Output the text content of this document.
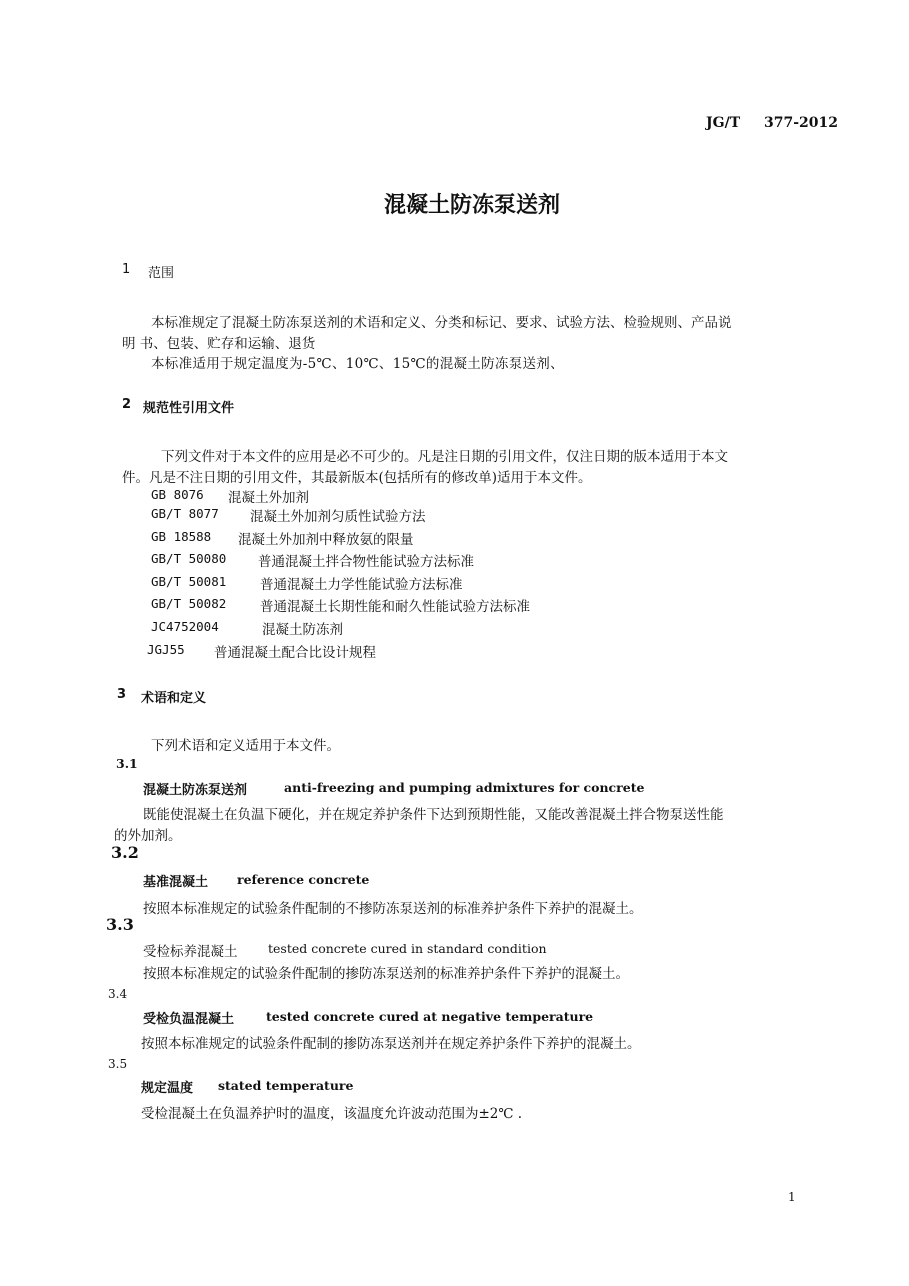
JG/T 377-2012
混凝土防冻泵送剂
1 范围
本标准规定了混凝土防冻泵送剂的术语和定义、分类和标记、要求、试验方法、检验规则、产品说
明 书、包装、贮存和运输、退货
本标准适用于规定温度为-5℃、10℃、15℃的混凝土防冻泵送剂、
2 规范性引用文件
下列文件对于本文件的应用是必不可少的。凡是注日期的引用文件，仅注日期的版本适用于本文
件。凡是不注日期的引用文件，其最新版本(包括所有的修改单)适用于本文件。
GB 8076 混凝土外加剂
GB/T 8077 混凝土外加剂匀质性试验方法
GB 18588 混凝土外加剂中释放氨的限量
GB/T 50080 普通混凝土拌合物性能试验方法标准
GB/T 50081 普通混凝土力学性能试验方法标准
GB/T 50082 普通混凝土长期性能和耐久性能试验方法标准
JC4752004	混凝土防冻剂
JGJ55 普通混凝土配合比设计规程
3 术语和定义
下列术语和定义适用于本文件。
3.1
混凝土防冻泵送剂	anti-freezing and pumping admixtures for concrete
既能使混凝土在负温下硬化，并在规定养护条件下达到预期性能，又能改善混凝土拌合物泵送性能
的外加剂。
3.2
基准混凝土 reference concrete
按照本标准规定的试验条件配制的不掺防冻泵送剂的标准养护条件下养护的混凝土。
3.3
受检标养混凝土 tested concrete cured in standard condition
按照本标准规定的试验条件配制的掺防冻泵送剂的标准养护条件下养护的混凝土。
3.4
受检负温混凝土	tested concrete cured at negative temperature
按照本标准规定的试验条件配制的掺防冻泵送剂并在规定养护条件下养护的混凝土。
3.5
规定温度 stated temperature
受检混凝土在负温养护时的温度，该温度允许波动范围为±2℃ .
1
